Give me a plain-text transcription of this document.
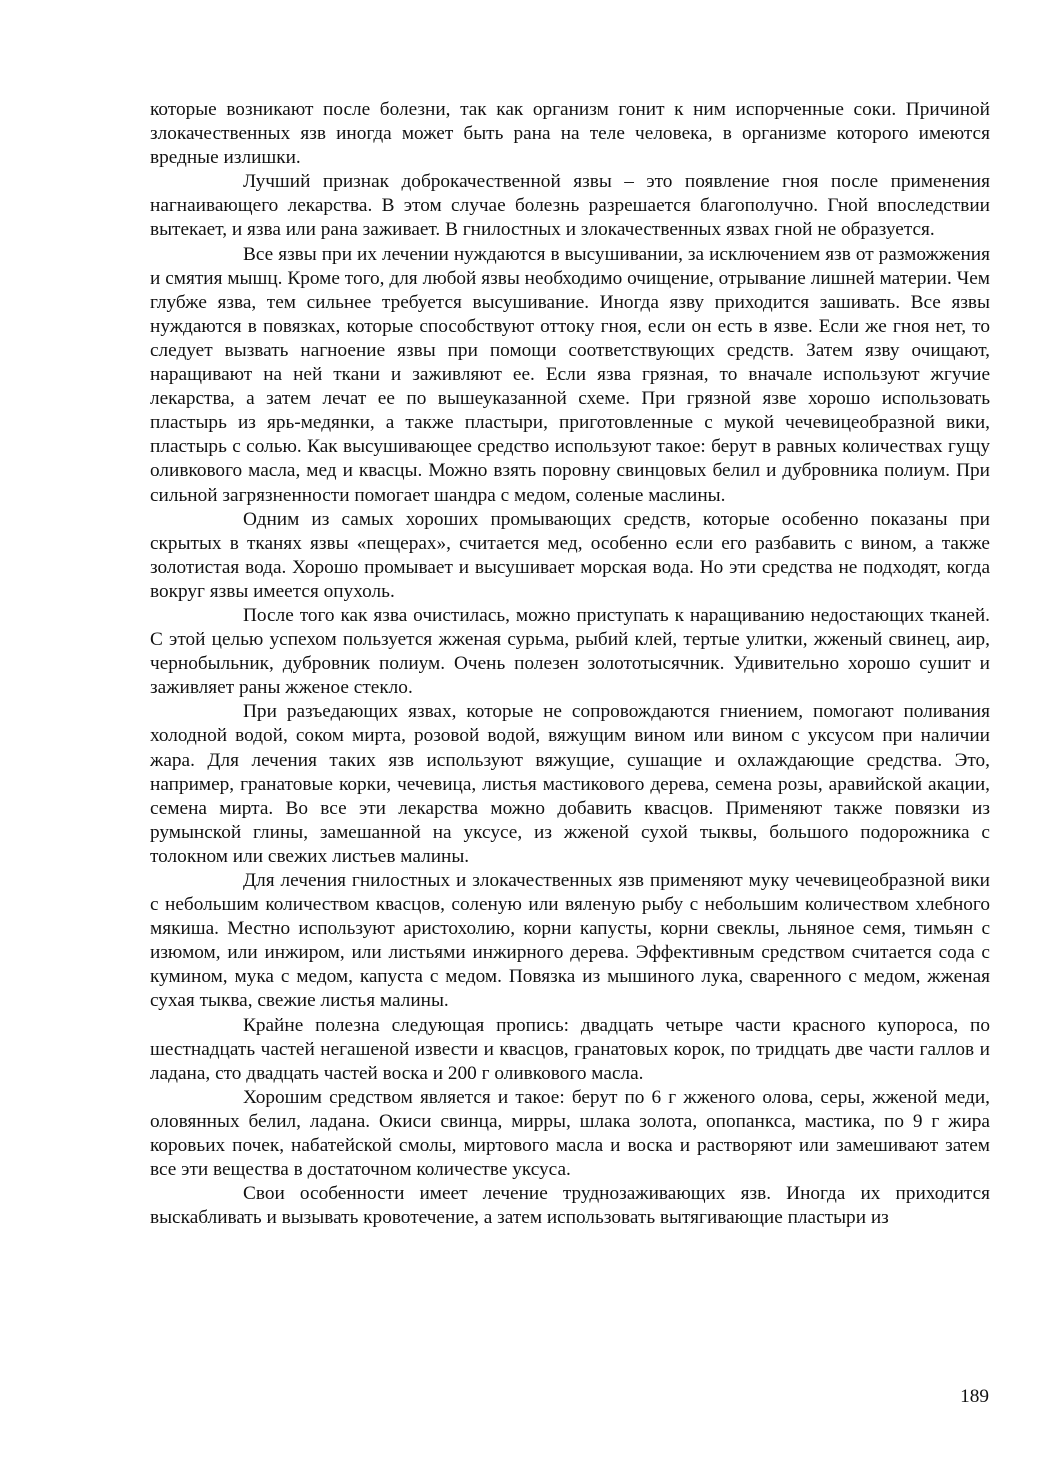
которые возникают после болезни, так как организм гонит к ним испорченные соки. Причиной злокачественных язв иногда может быть рана на теле человека, в организме которого имеются вредные излишки.

Лучший признак доброкачественной язвы – это появление гноя после применения нагнаивающего лекарства. В этом случае болезнь разрешается благополучно. Гной впоследствии вытекает, и язва или рана заживает. В гнилостных и злокачественных язвах гной не образуется.

Все язвы при их лечении нуждаются в высушивании, за исключением язв от разможжения и смятия мышц. Кроме того, для любой язвы необходимо очищение, отрывание лишней материи. Чем глубже язва, тем сильнее требуется высушивание. Иногда язву приходится зашивать. Все язвы нуждаются в повязках, которые способствуют оттоку гноя, если он есть в язве. Если же гноя нет, то следует вызвать нагноение язвы при помощи соответствующих средств. Затем язву очищают, наращивают на ней ткани и заживляют ее. Если язва грязная, то вначале используют жгучие лекарства, а затем лечат ее по вышеуказанной схеме. При грязной язве хорошо использовать пластырь из ярь-медянки, а также пластыри, приготовленные с мукой чечевицеобразной вики, пластырь с солью. Как высушивающее средство используют такое: берут в равных количествах гущу оливкового масла, мед и квасцы. Можно взять поровну свинцовых белил и дубровника полиум. При сильной загрязненности помогает шандра с медом, соленые маслины.

Одним из самых хороших промывающих средств, которые особенно показаны при скрытых в тканях язвы «пещерах», считается мед, особенно если его разбавить с вином, а также золотистая вода. Хорошо промывает и высушивает морская вода. Но эти средства не подходят, когда вокруг язвы имеется опухоль.

После того как язва очистилась, можно приступать к наращиванию недостающих тканей. С этой целью успехом пользуется жженая сурьма, рыбий клей, тертые улитки, жженый свинец, аир, чернобыльник, дубровник полиум. Очень полезен золототысячник. Удивительно хорошо сушит и заживляет раны жженое стекло.

При разъедающих язвах, которые не сопровождаются гниением, помогают поливания холодной водой, соком мирта, розовой водой, вяжущим вином или вином с уксусом при наличии жара. Для лечения таких язв используют вяжущие, сушащие и охлаждающие средства. Это, например, гранатовые корки, чечевица, листья мастикового дерева, семена розы, аравийской акации, семена мирта. Во все эти лекарства можно добавить квасцов. Применяют также повязки из румынской глины, замешанной на уксусе, из жженой сухой тыквы, большого подорожника с толокном или свежих листьев малины.

Для лечения гнилостных и злокачественных язв применяют муку чечевицеобразной вики с небольшим количеством квасцов, соленую или вяленую рыбу с небольшим количеством хлебного мякиша. Местно используют аристохолию, корни капусты, корни свеклы, льняное семя, тимьян с изюмом, или инжиром, или листьями инжирного дерева. Эффективным средством считается сода с кумином, мука с медом, капуста с медом. Повязка из мышиного лука, сваренного с медом, жженая сухая тыква, свежие листья малины.

Крайне полезна следующая пропись: двадцать четыре части красного купороса, по шестнадцать частей негашеной извести и квасцов, гранатовых корок, по тридцать две части галлов и ладана, сто двадцать частей воска и 200 г оливкового масла.

Хорошим средством является и такое: берут по 6 г жженого олова, серы, жженой меди, оловянных белил, ладана. Окиси свинца, мирры, шлака золота, опопанкса, мастика, по 9 г жира коровьих почек, набатейской смолы, миртового масла и воска и растворяют или замешивают затем все эти вещества в достаточном количестве уксуса.

Свои особенности имеет лечение труднозаживающих язв. Иногда их приходится выскабливать и вызывать кровотечение, а затем использовать вытягивающие пластыри из

189
